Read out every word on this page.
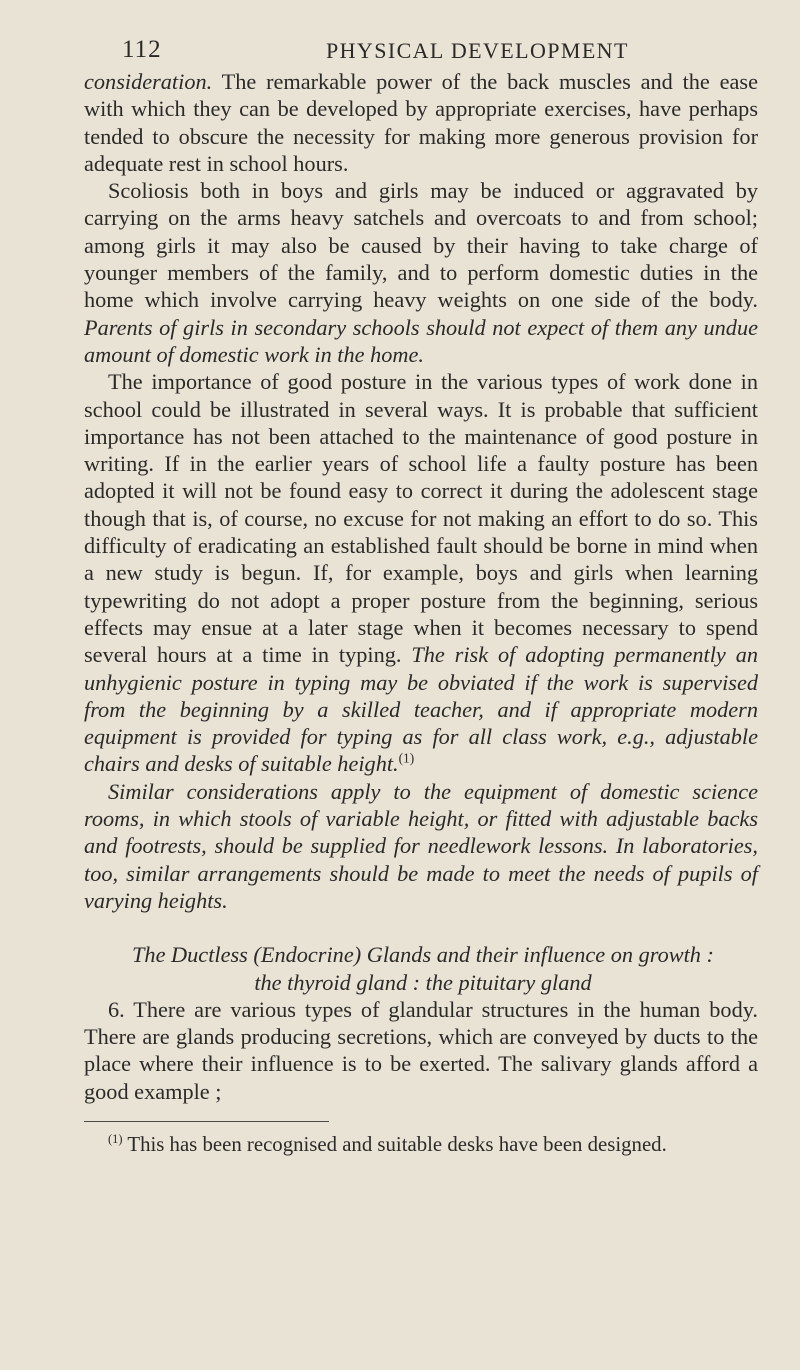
112	PHYSICAL DEVELOPMENT

consideration. The remarkable power of the back muscles and the ease with which they can be developed by appropriate exercises, have perhaps tended to obscure the necessity for making more generous provision for adequate rest in school hours.

Scoliosis both in boys and girls may be induced or aggravated by carrying on the arms heavy satchels and overcoats to and from school; among girls it may also be caused by their having to take charge of younger members of the family, and to perform domestic duties in the home which involve carrying heavy weights on one side of the body. Parents of girls in secondary schools should not expect of them any undue amount of domestic work in the home.

The importance of good posture in the various types of work done in school could be illustrated in several ways. It is probable that sufficient importance has not been attached to the maintenance of good posture in writing. If in the earlier years of school life a faulty posture has been adopted it will not be found easy to correct it during the adolescent stage though that is, of course, no excuse for not making an effort to do so. This difficulty of eradicating an established fault should be borne in mind when a new study is begun. If, for example, boys and girls when learning typewriting do not adopt a proper posture from the beginning, serious effects may ensue at a later stage when it becomes necessary to spend several hours at a time in typing. The risk of adopting permanently an unhygienic posture in typing may be obviated if the work is supervised from the beginning by a skilled teacher, and if appropriate modern equipment is provided for typing as for all class work, e.g., adjustable chairs and desks of suitable height.$^{(1)}$

Similar considerations apply to the equipment of domestic science rooms, in which stools of variable height, or fitted with adjustable backs and footrests, should be supplied for needlework lessons. In laboratories, too, similar arrangements should be made to meet the needs of pupils of varying heights.

The Ductless (Endocrine) Glands and their influence on growth :
the thyroid gland : the pituitary gland

6. There are various types of glandular structures in the human body. There are glands producing secretions, which are conveyed by ducts to the place where their influence is to be exerted. The salivary glands afford a good example ;

$^{(1)}$ This has been recognised and suitable desks have been designed.
